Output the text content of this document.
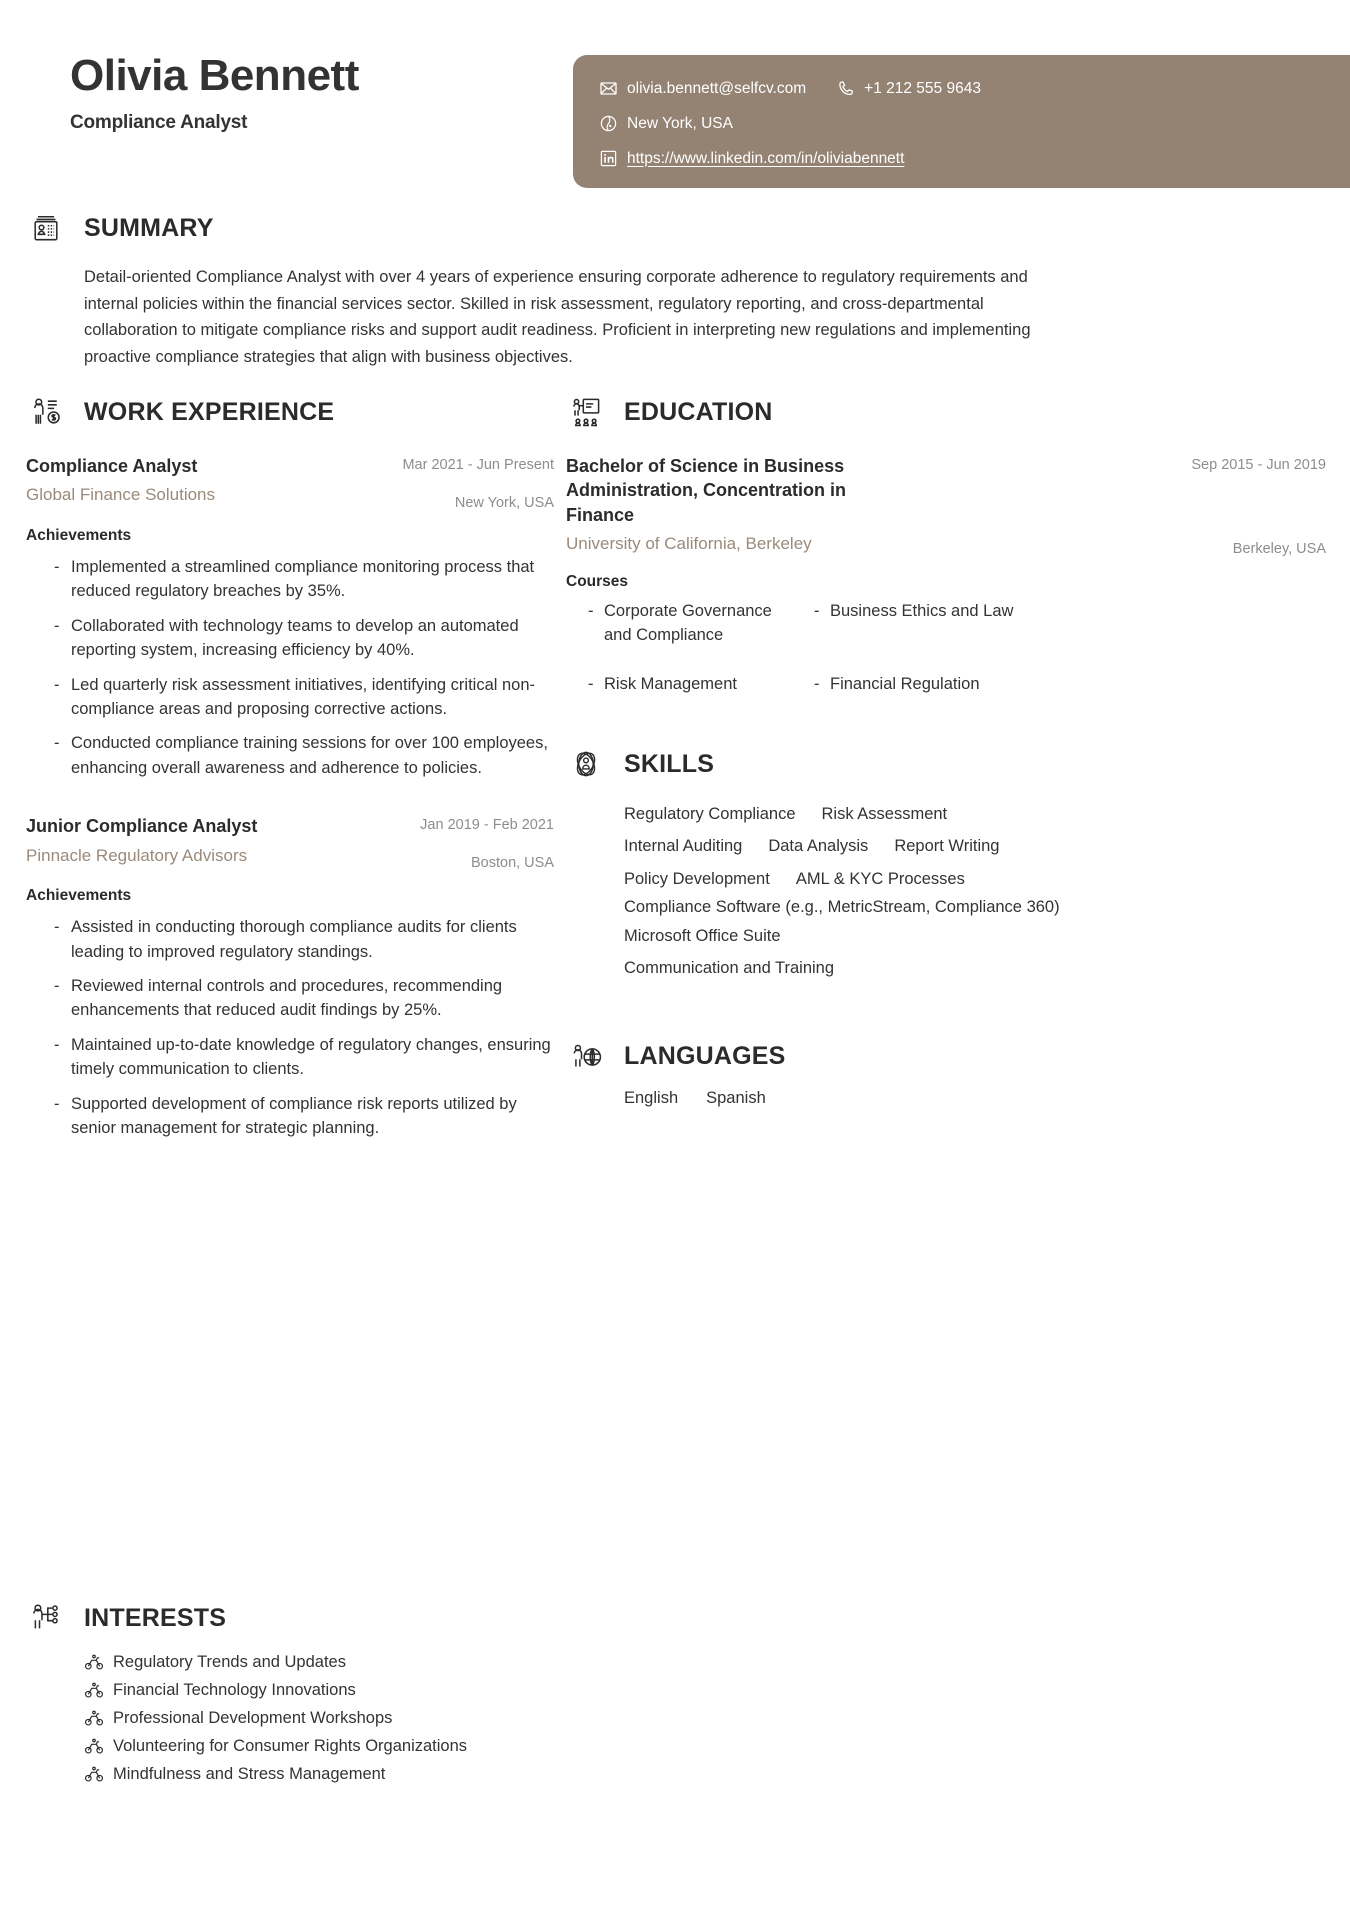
Olivia Bennett
Compliance Analyst
olivia.bennett@selfcv.com	+1 212 555 9643
New York, USA
https://www.linkedin.com/in/oliviabennett
SUMMARY
Detail-oriented Compliance Analyst with over 4 years of experience ensuring corporate adherence to regulatory requirements and internal policies within the financial services sector. Skilled in risk assessment, regulatory reporting, and cross-departmental collaboration to mitigate compliance risks and support audit readiness. Proficient in interpreting new regulations and implementing proactive compliance strategies that align with business objectives.
WORK EXPERIENCE
Compliance Analyst
Global Finance Solutions
Mar 2021 - Jun Present
New York, USA
Achievements
- Implemented a streamlined compliance monitoring process that reduced regulatory breaches by 35%.
- Collaborated with technology teams to develop an automated reporting system, increasing efficiency by 40%.
- Led quarterly risk assessment initiatives, identifying critical non-compliance areas and proposing corrective actions.
- Conducted compliance training sessions for over 100 employees, enhancing overall awareness and adherence to policies.
Junior Compliance Analyst
Pinnacle Regulatory Advisors
Jan 2019 - Feb 2021
Boston, USA
Achievements
- Assisted in conducting thorough compliance audits for clients leading to improved regulatory standings.
- Reviewed internal controls and procedures, recommending enhancements that reduced audit findings by 25%.
- Maintained up-to-date knowledge of regulatory changes, ensuring timely communication to clients.
- Supported development of compliance risk reports utilized by senior management for strategic planning.
EDUCATION
Bachelor of Science in Business Administration, Concentration in Finance
University of California, Berkeley
Sep 2015 - Jun 2019
Berkeley, USA
Courses
- Corporate Governance and Compliance
- Business Ethics and Law
- Risk Management	- Financial Regulation
SKILLS
Regulatory Compliance Risk Assessment
Internal Auditing Data Analysis Report Writing
Policy Development AML & KYC Processes
Compliance Software (e.g., MetricStream, Compliance 360)
Microsoft Office Suite
Communication and Training
LANGUAGES
English Spanish
INTERESTS
Regulatory Trends and Updates
Financial Technology Innovations
Professional Development Workshops
Volunteering for Consumer Rights Organizations
Mindfulness and Stress Management
